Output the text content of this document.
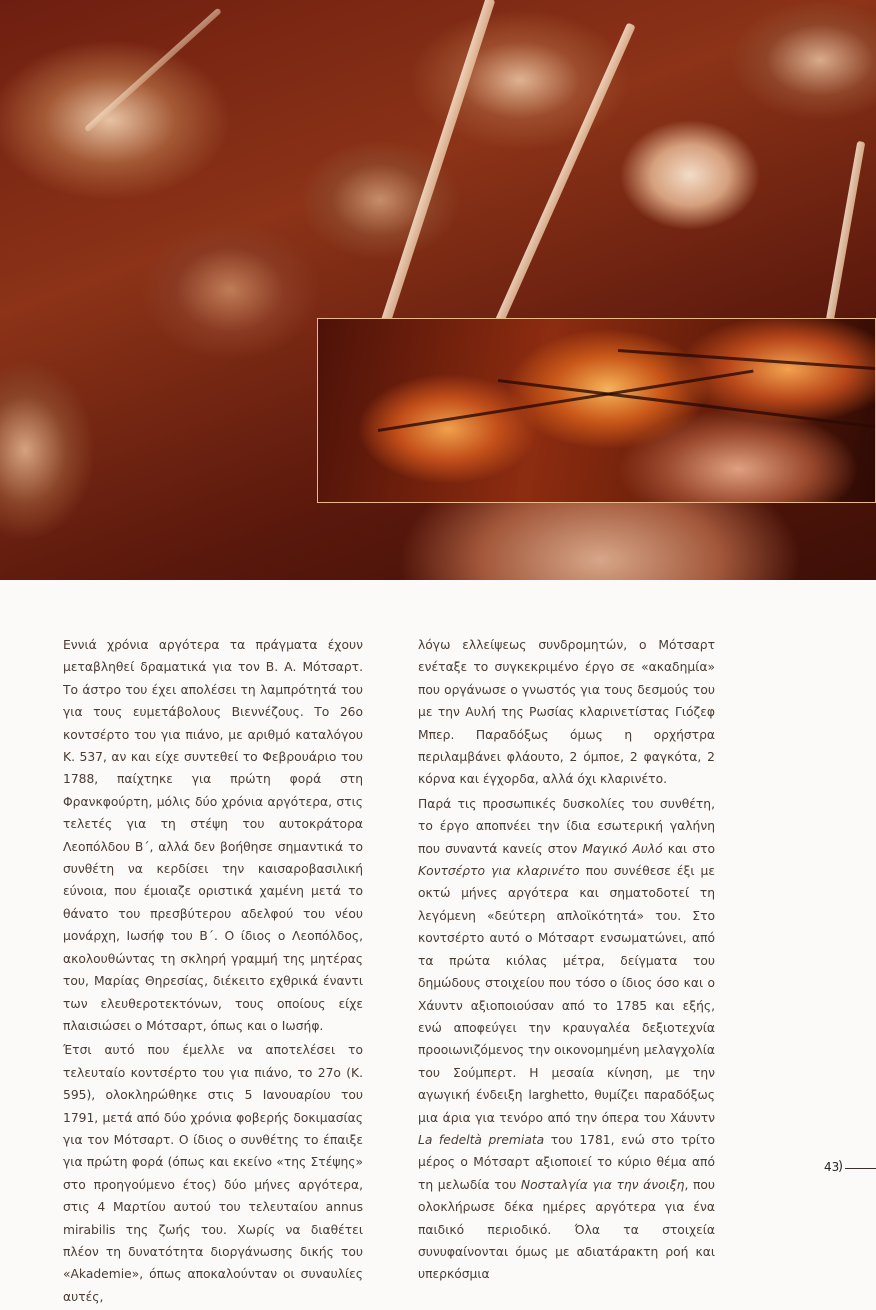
Εννιά χρόνια αργότερα τα πράγματα έχουν μεταβληθεί δραματικά για τον Β. Α. Μότσαρτ. Το άστρο του έχει απολέσει τη λαμπρότητά του για τους ευμετάβολους Βιεννέζους. Το 26ο κοντσέρτο του για πιάνο, με αριθμό καταλόγου Κ. 537, αν και είχε συντεθεί το Φεβρουάριο του 1788, παίχτηκε για πρώτη φορά στη Φρανκφούρτη, μόλις δύο χρόνια αργότερα, στις τελετές για τη στέψη του αυτοκράτορα Λεοπόλδου Β΄, αλλά δεν βοήθησε σημαντικά το συνθέτη να κερδίσει την καισαροβασιλική εύνοια, που έμοιαζε οριστικά χαμένη μετά το θάνατο του πρεσβύτερου αδελφού του νέου μονάρχη, Ιωσήφ του Β΄. Ο ίδιος ο Λεοπόλδος, ακολουθώντας τη σκληρή γραμμή της μητέρας του, Μαρίας Θηρεσίας, διέκειτο εχθρικά έναντι των ελευθεροτεκτόνων, τους οποίους είχε πλαισιώσει ο Μότσαρτ, όπως και ο Ιωσήφ.

Έτσι αυτό που έμελλε να αποτελέσει το τελευταίο κοντσέρτο του για πιάνο, το 27ο (Κ. 595), ολοκληρώθηκε στις 5 Ιανουαρίου του 1791, μετά από δύο χρόνια φοβερής δοκιμασίας για τον Μότσαρτ. Ο ίδιος ο συνθέτης το έπαιξε για πρώτη φορά (όπως και εκείνο «της Στέψης» στο προηγούμενο έτος) δύο μήνες αργότερα, στις 4 Μαρτίου αυτού του τελευταίου annus mirabilis της ζωής του. Χωρίς να διαθέτει πλέον τη δυνατότητα διοργάνωσης δικής του «Akademie», όπως αποκαλούνταν οι συναυλίες αυτές,

λόγω ελλείψεως συνδρομητών, ο Μότσαρτ ενέταξε το συγκεκριμένο έργο σε «ακαδημία» που οργάνωσε ο γνωστός για τους δεσμούς του με την Αυλή της Ρωσίας κλαρινετίστας Γιόζεφ Μπερ. Παραδόξως όμως η ορχήστρα περιλαμβάνει φλάουτο, 2 όμποε, 2 φαγκότα, 2 κόρνα και έγχορδα, αλλά όχι κλαρινέτο.

Παρά τις προσωπικές δυσκολίες του συνθέτη, το έργο αποπνέει την ίδια εσωτερική γαλήνη που συναντά κανείς στον Μαγικό Αυλό και στο Κοντσέρτο για κλαρινέτο που συνέθεσε έξι με οκτώ μήνες αργότερα και σηματοδοτεί τη λεγόμενη «δεύτερη απλοϊκότητά» του. Στο κοντσέρτο αυτό ο Μότσαρτ ενσωματώνει, από τα πρώτα κιόλας μέτρα, δείγματα του δημώδους στοιχείου που τόσο ο ίδιος όσο και ο Χάυντν αξιοποιούσαν από το 1785 και εξής, ενώ αποφεύγει την κραυγαλέα δεξιοτεχνία προοιωνιζόμενος την οικονομημένη μελαγχολία του Σούμπερτ. Η μεσαία κίνηση, με την αγωγική ένδειξη larghetto, θυμίζει παραδόξως μια άρια για τενόρο από την όπερα του Χάυντν La fedeltà premiata του 1781, ενώ στο τρίτο μέρος ο Μότσαρτ αξιοποιεί το κύριο θέμα από τη μελωδία του Νοσταλγία για την άνοιξη, που ολοκλήρωσε δέκα ημέρες αργότερα για ένα παιδικό περιοδικό. Όλα τα στοιχεία συνυφαίνονται όμως με αδιατάρακτη ροή και υπερκόσμια

43
)
